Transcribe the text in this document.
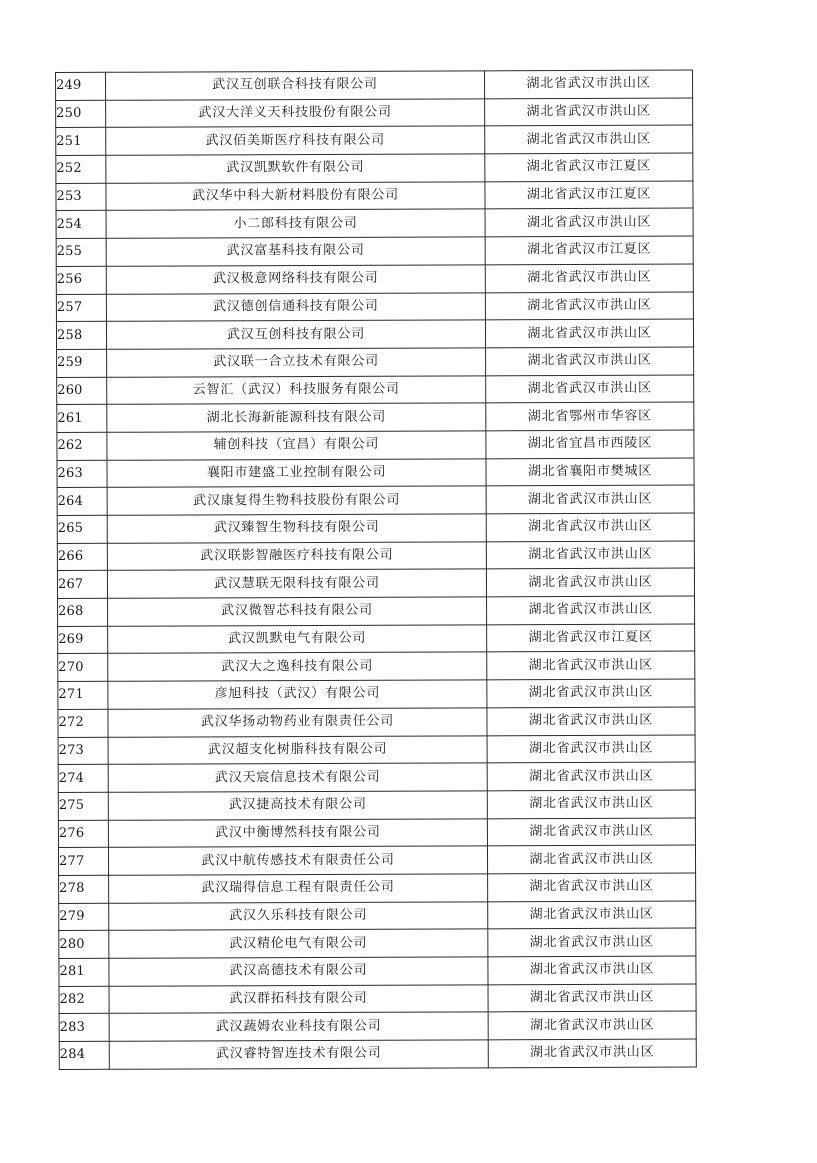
249	武汉互创联合科技有限公司	湖北省武汉市洪山区
250	武汉大洋义天科技股份有限公司	湖北省武汉市洪山区
251	武汉佰美斯医疗科技有限公司	湖北省武汉市洪山区
252	武汉凯默软件有限公司	湖北省武汉市江夏区
253	武汉华中科大新材料股份有限公司	湖北省武汉市江夏区
254	小二郎科技有限公司	湖北省武汉市洪山区
255	武汉富基科技有限公司	湖北省武汉市江夏区
256	武汉极意网络科技有限公司	湖北省武汉市洪山区
257	武汉德创信通科技有限公司	湖北省武汉市洪山区
258	武汉互创科技有限公司	湖北省武汉市洪山区
259	武汉联一合立技术有限公司	湖北省武汉市洪山区
260	云智汇（武汉）科技服务有限公司	湖北省武汉市洪山区
261	湖北长海新能源科技有限公司	湖北省鄂州市华容区
262	辅创科技（宜昌）有限公司	湖北省宜昌市西陵区
263	襄阳市建盛工业控制有限公司	湖北省襄阳市樊城区
264	武汉康复得生物科技股份有限公司	湖北省武汉市洪山区
265	武汉臻智生物科技有限公司	湖北省武汉市洪山区
266	武汉联影智融医疗科技有限公司	湖北省武汉市洪山区
267	武汉慧联无限科技有限公司	湖北省武汉市洪山区
268	武汉微智芯科技有限公司	湖北省武汉市洪山区
269	武汉凯默电气有限公司	湖北省武汉市江夏区
270	武汉大之逸科技有限公司	湖北省武汉市洪山区
271	彦旭科技（武汉）有限公司	湖北省武汉市洪山区
272	武汉华扬动物药业有限责任公司	湖北省武汉市洪山区
273	武汉超支化树脂科技有限公司	湖北省武汉市洪山区
274	武汉天宸信息技术有限公司	湖北省武汉市洪山区
275	武汉捷高技术有限公司	湖北省武汉市洪山区
276	武汉中衡博然科技有限公司	湖北省武汉市洪山区
277	武汉中航传感技术有限责任公司	湖北省武汉市洪山区
278	武汉瑞得信息工程有限责任公司	湖北省武汉市洪山区
279	武汉久乐科技有限公司	湖北省武汉市洪山区
280	武汉精伦电气有限公司	湖北省武汉市洪山区
281	武汉高德技术有限公司	湖北省武汉市洪山区
282	武汉群拓科技有限公司	湖北省武汉市洪山区
283	武汉蔬姆农业科技有限公司	湖北省武汉市洪山区
284	武汉睿特智连技术有限公司	湖北省武汉市洪山区
